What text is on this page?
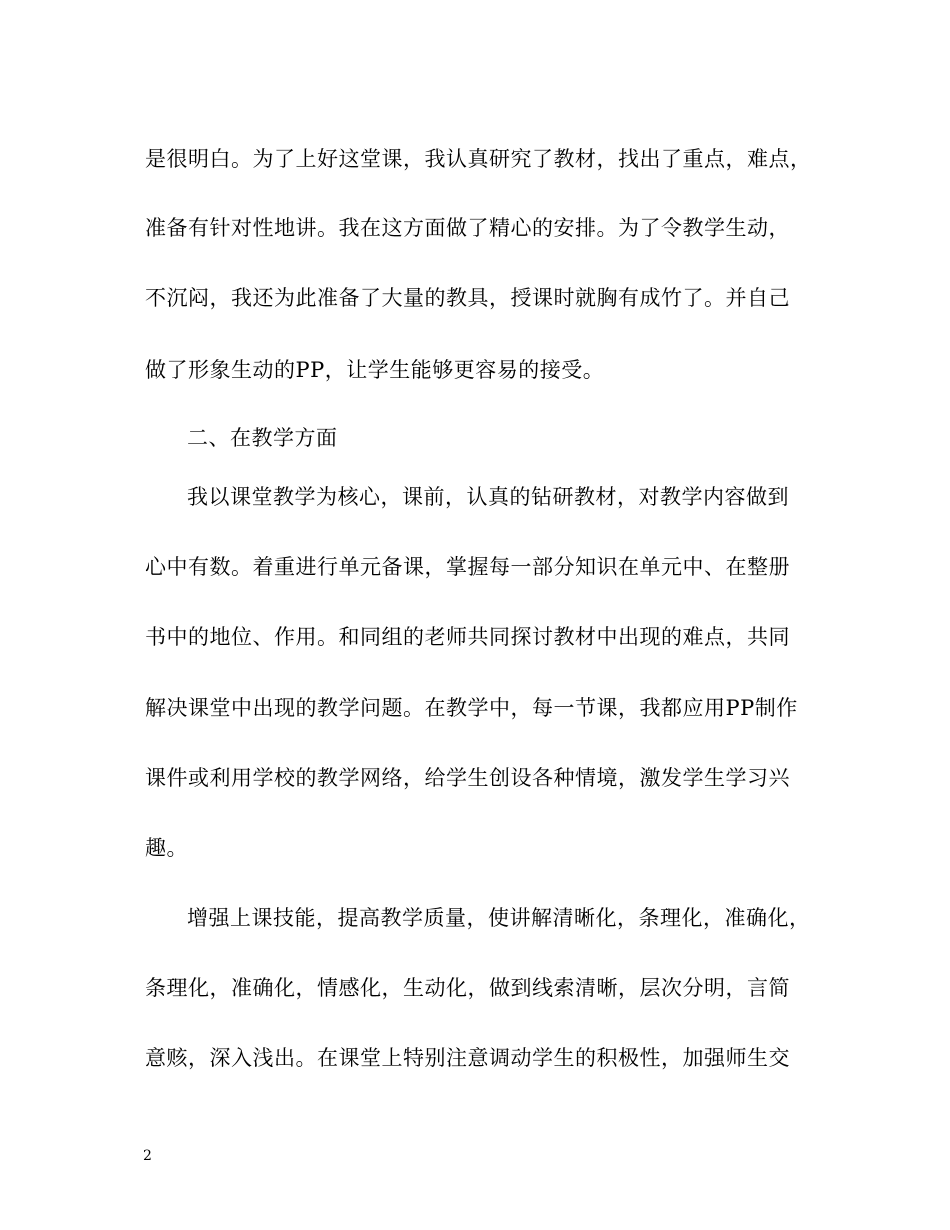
是很明白。为了上好这堂课，我认真研究了教材，找出了重点，难点，
准备有针对性地讲。我在这方面做了精心的安排。为了令教学生动，
不沉闷，我还为此准备了大量的教具，授课时就胸有成竹了。并自己
做了形象生动的PP，让学生能够更容易的接受。
二、在教学方面
我以课堂教学为核心，课前，认真的钻研教材，对教学内容做到
心中有数。着重进行单元备课，掌握每一部分知识在单元中、在整册
书中的地位、作用。和同组的老师共同探讨教材中出现的难点，共同
解决课堂中出现的教学问题。在教学中，每一节课，我都应用PP制作
课件或利用学校的教学网络，给学生创设各种情境，激发学生学习兴
趣。
增强上课技能，提高教学质量，使讲解清晰化，条理化，准确化，
条理化，准确化，情感化，生动化，做到线索清晰，层次分明，言简
意赅，深入浅出。在课堂上特别注意调动学生的积极性，加强师生交
2
